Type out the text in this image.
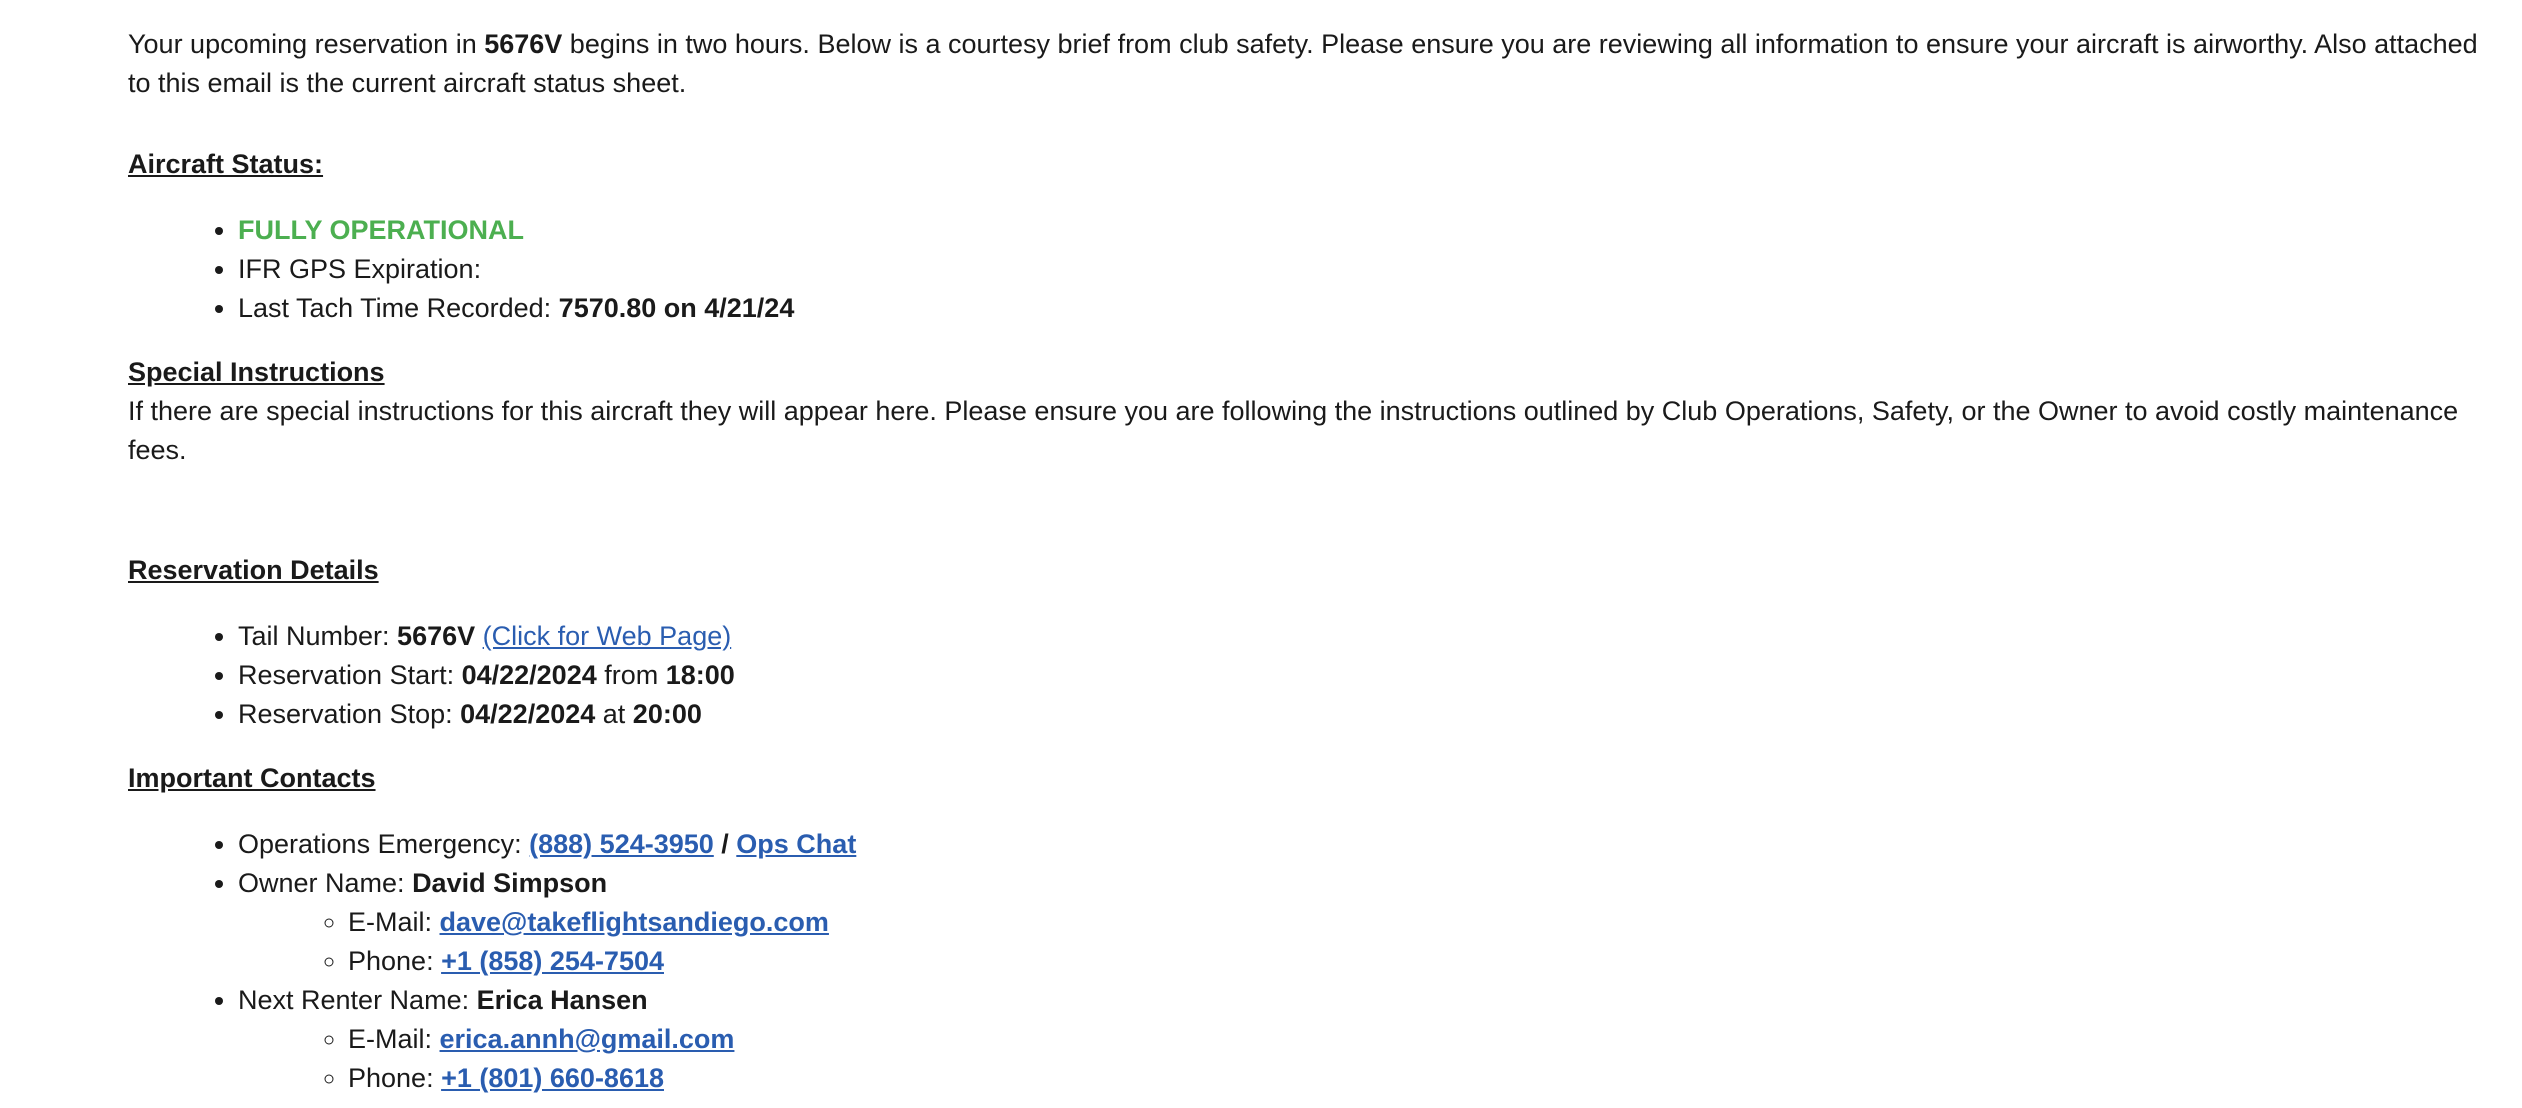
Your upcoming reservation in 5676V begins in two hours. Below is a courtesy brief from club safety. Please ensure you are reviewing all information to ensure your aircraft is airworthy. Also attached to this email is the current aircraft status sheet.

Aircraft Status:

• FULLY OPERATIONAL
• IFR GPS Expiration:
• Last Tach Time Recorded: 7570.80 on 4/21/24

Special Instructions

If there are special instructions for this aircraft they will appear here. Please ensure you are following the instructions outlined by Club Operations, Safety, or the Owner to avoid costly maintenance fees.

Reservation Details

• Tail Number: 5676V (Click for Web Page)
• Reservation Start: 04/22/2024 from 18:00
• Reservation Stop: 04/22/2024 at 20:00

Important Contacts

• Operations Emergency: (888) 524-3950 / Ops Chat
• Owner Name: David Simpson
◦ E-Mail: dave@takeflightsandiego.com
◦ Phone: +1 (858) 254-7504
• Next Renter Name: Erica Hansen
◦ E-Mail: erica.annh@gmail.com
◦ Phone: +1 (801) 660-8618
